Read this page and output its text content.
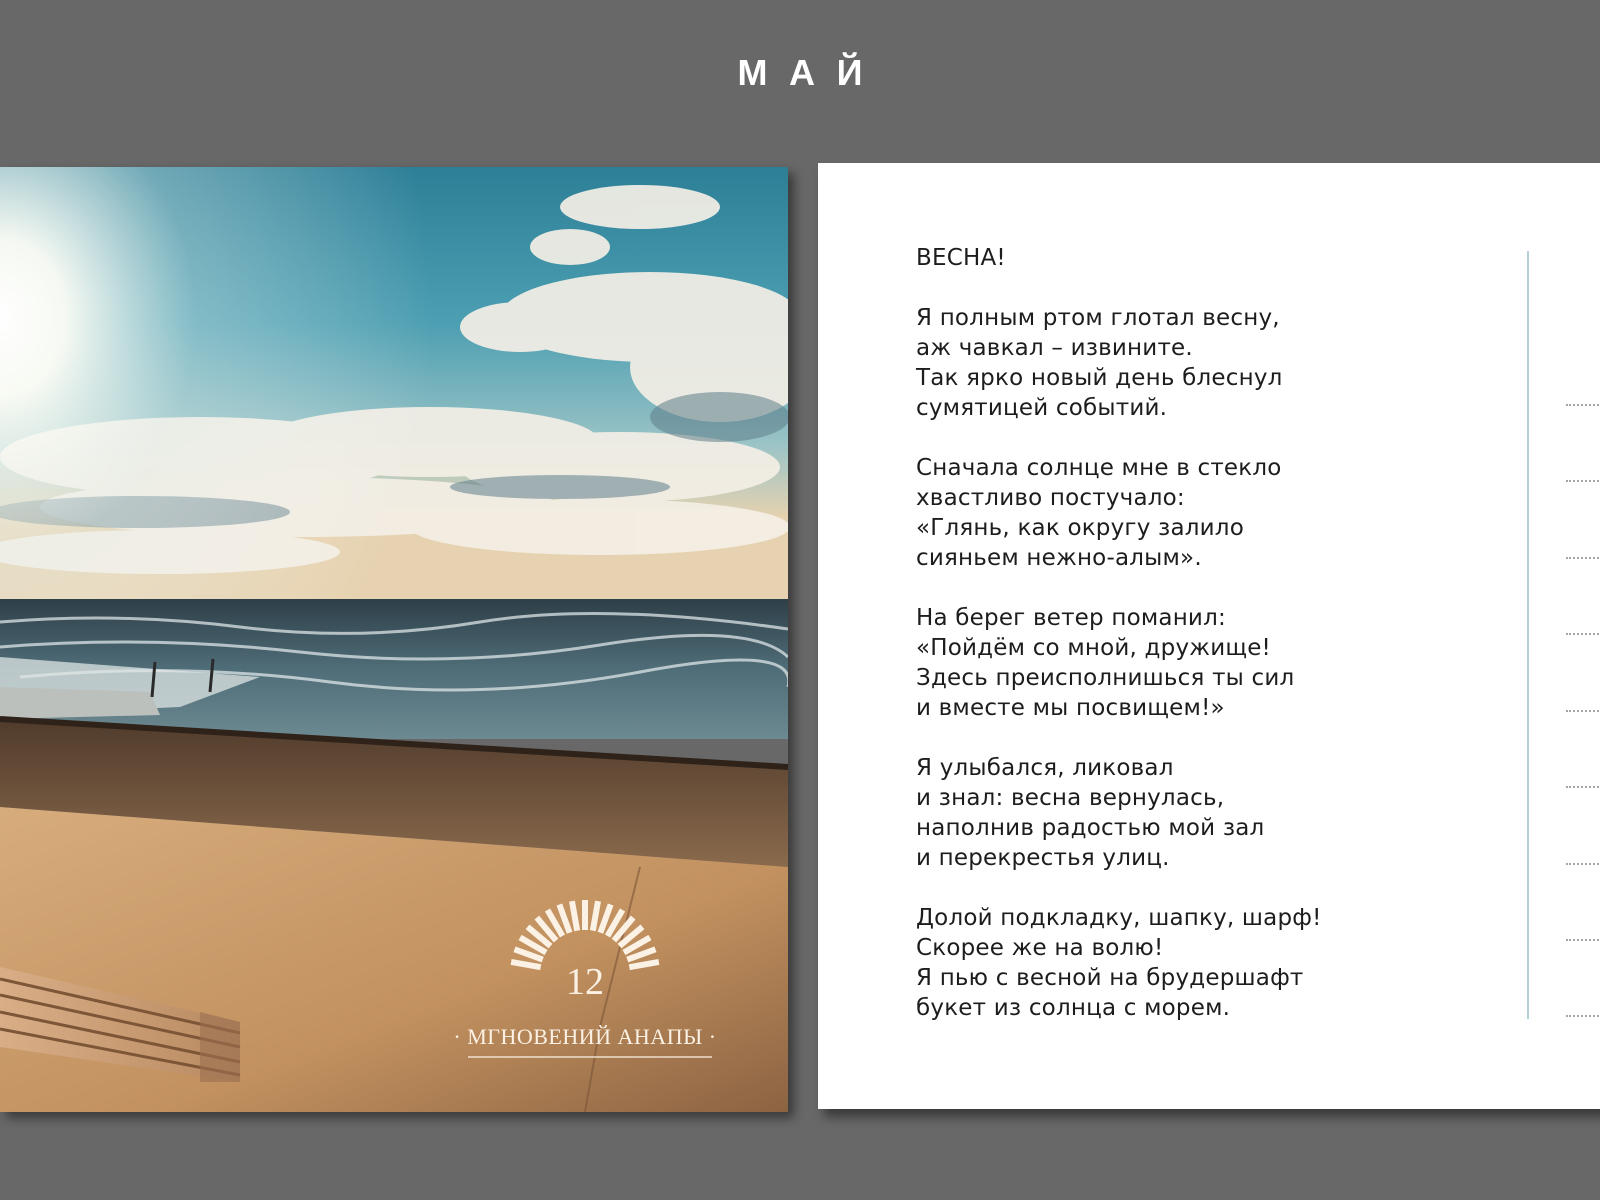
МАЙ
12
· МГНОВЕНИЙ АНАПЫ ·
ВЕСНА!
Я полным ртом глотал весну,
аж чавкал – извините.
Так ярко новый день блеснул
сумятицей событий.
Сначала солнце мне в стекло
хвастливо постучало:
«Глянь, как округу залило
сияньем нежно-алым».
На берег ветер поманил:
«Пойдём со мной, дружище!
Здесь преисполнишься ты сил
и вместе мы посвищем!»
Я улыбался, ликовал
и знал: весна вернулась,
наполнив радостью мой зал
и перекрестья улиц.
Долой подкладку, шапку, шарф!
Скорее же на волю!
Я пью с весной на брудершафт
букет из солнца с морем.
